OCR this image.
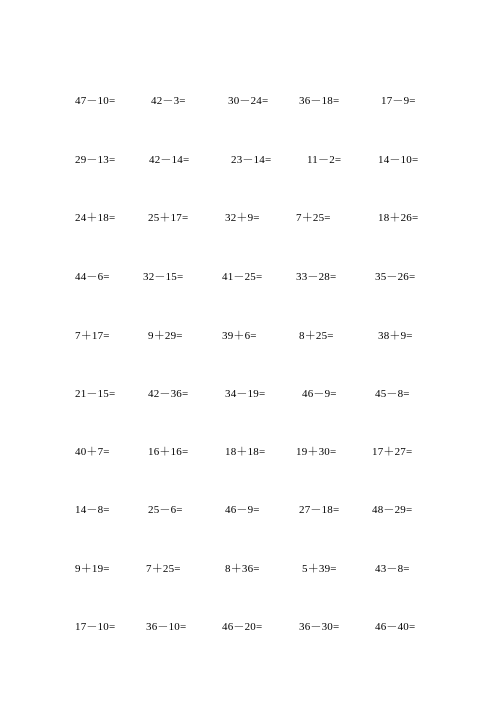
47－10=	42－3=	30－24=	36－18=	17－9=
29－13=	42－14=	23－14=	11－2=	14－10=
24＋18=	25＋17=	32＋9=	7＋25=	18＋26=
44－6=	32－15=	41－25=	33－28=	35－26=
7＋17=	9＋29=	39＋6=	8＋25=	38＋9=
21－15=	42－36=	34－19=	46－9=	45－8=
40＋7=	16＋16=	18＋18=	19＋30=	17＋27=
14－8=	25－6=	46－9=	27－18=	48－29=
9＋19=	7＋25=	8＋36=	5＋39=	43－8=
17－10=	36－10=	46－20=	36－30=	46－40=
